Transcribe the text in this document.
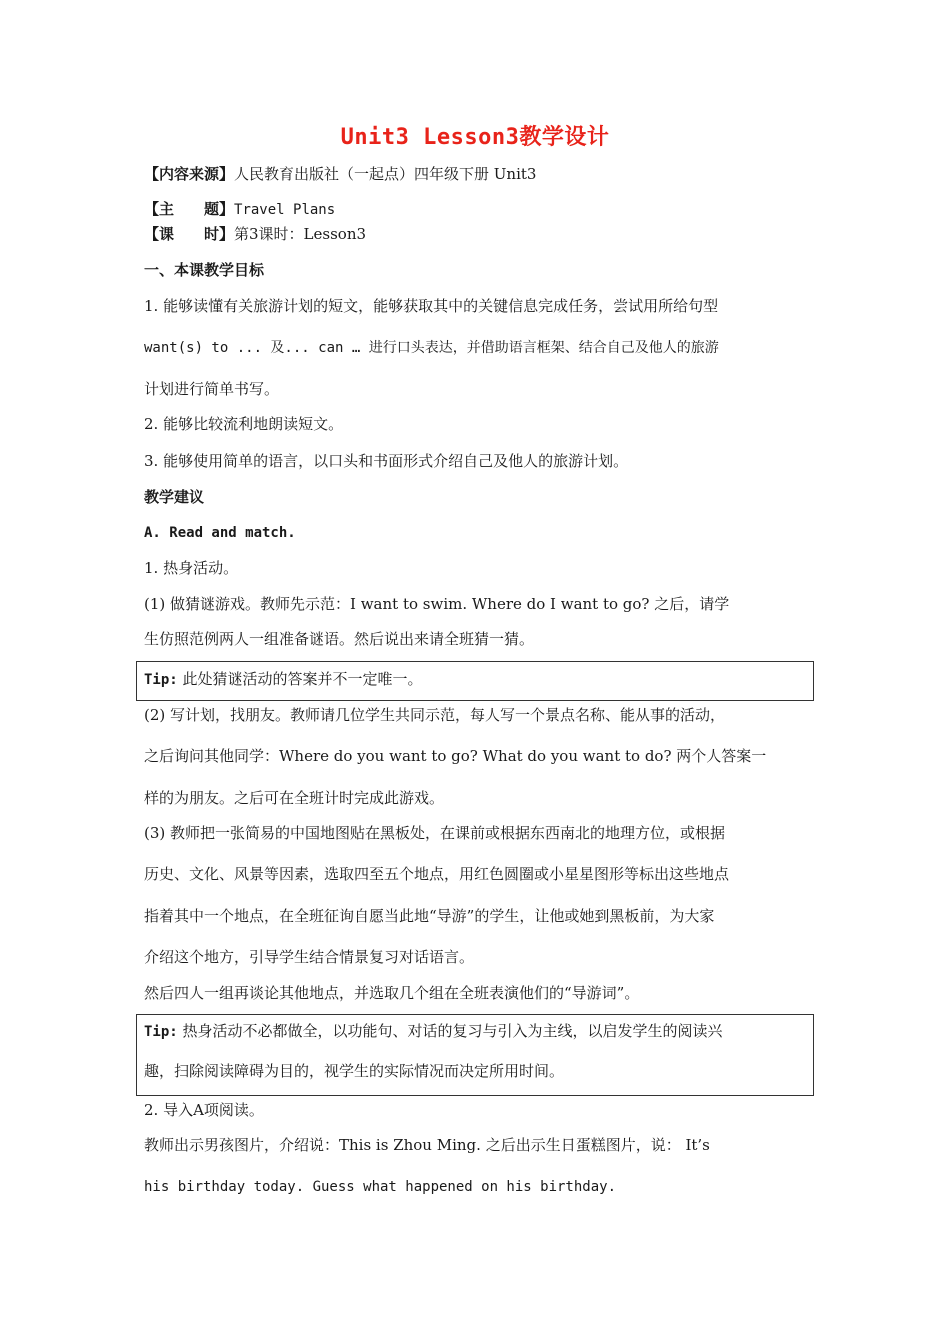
Unit3 Lesson3教学设计
【内容来源】人民教育出版社（一起点）四年级下册 Unit3
【主　　题】Travel Plans
【课　　时】第3课时：Lesson3
一、本课教学目标
1. 能够读懂有关旅游计划的短文，能够获取其中的关键信息完成任务，尝试用所给句型
want(s) to ... 及... can … 进行口头表达，并借助语言框架、结合自己及他人的旅游
计划进行简单书写。
2. 能够比较流利地朗读短文。
3. 能够使用简单的语言，以口头和书面形式介绍自己及他人的旅游计划。
教学建议
A. Read and match.
1. 热身活动。
(1) 做猜谜游戏。教师先示范：I want to swim. Where do I want to go? 之后，请学
生仿照范例两人一组准备谜语。然后说出来请全班猜一猜。
Tip: 此处猜谜活动的答案并不一定唯一。
(2) 写计划，找朋友。教师请几位学生共同示范，每人写一个景点名称、能从事的活动，
之后询问其他同学：Where do you want to go? What do you want to do? 两个人答案一
样的为朋友。之后可在全班计时完成此游戏。
(3) 教师把一张简易的中国地图贴在黑板处，在课前或根据东西南北的地理方位，或根据
历史、文化、风景等因素，选取四至五个地点，用红色圆圈或小星星图形等标出这些地点
指着其中一个地点，在全班征询自愿当此地“导游”的学生，让他或她到黑板前，为大家
介绍这个地方，引导学生结合情景复习对话语言。
然后四人一组再谈论其他地点，并选取几个组在全班表演他们的“导游词”。
Tip: 热身活动不必都做全，以功能句、对话的复习与引入为主线，以启发学生的阅读兴
趣，扫除阅读障碍为目的，视学生的实际情况而决定所用时间。
2. 导入A项阅读。
教师出示男孩图片，介绍说：This is Zhou Ming. 之后出示生日蛋糕图片，说： It’s
his birthday today. Guess what happened on his birthday.
